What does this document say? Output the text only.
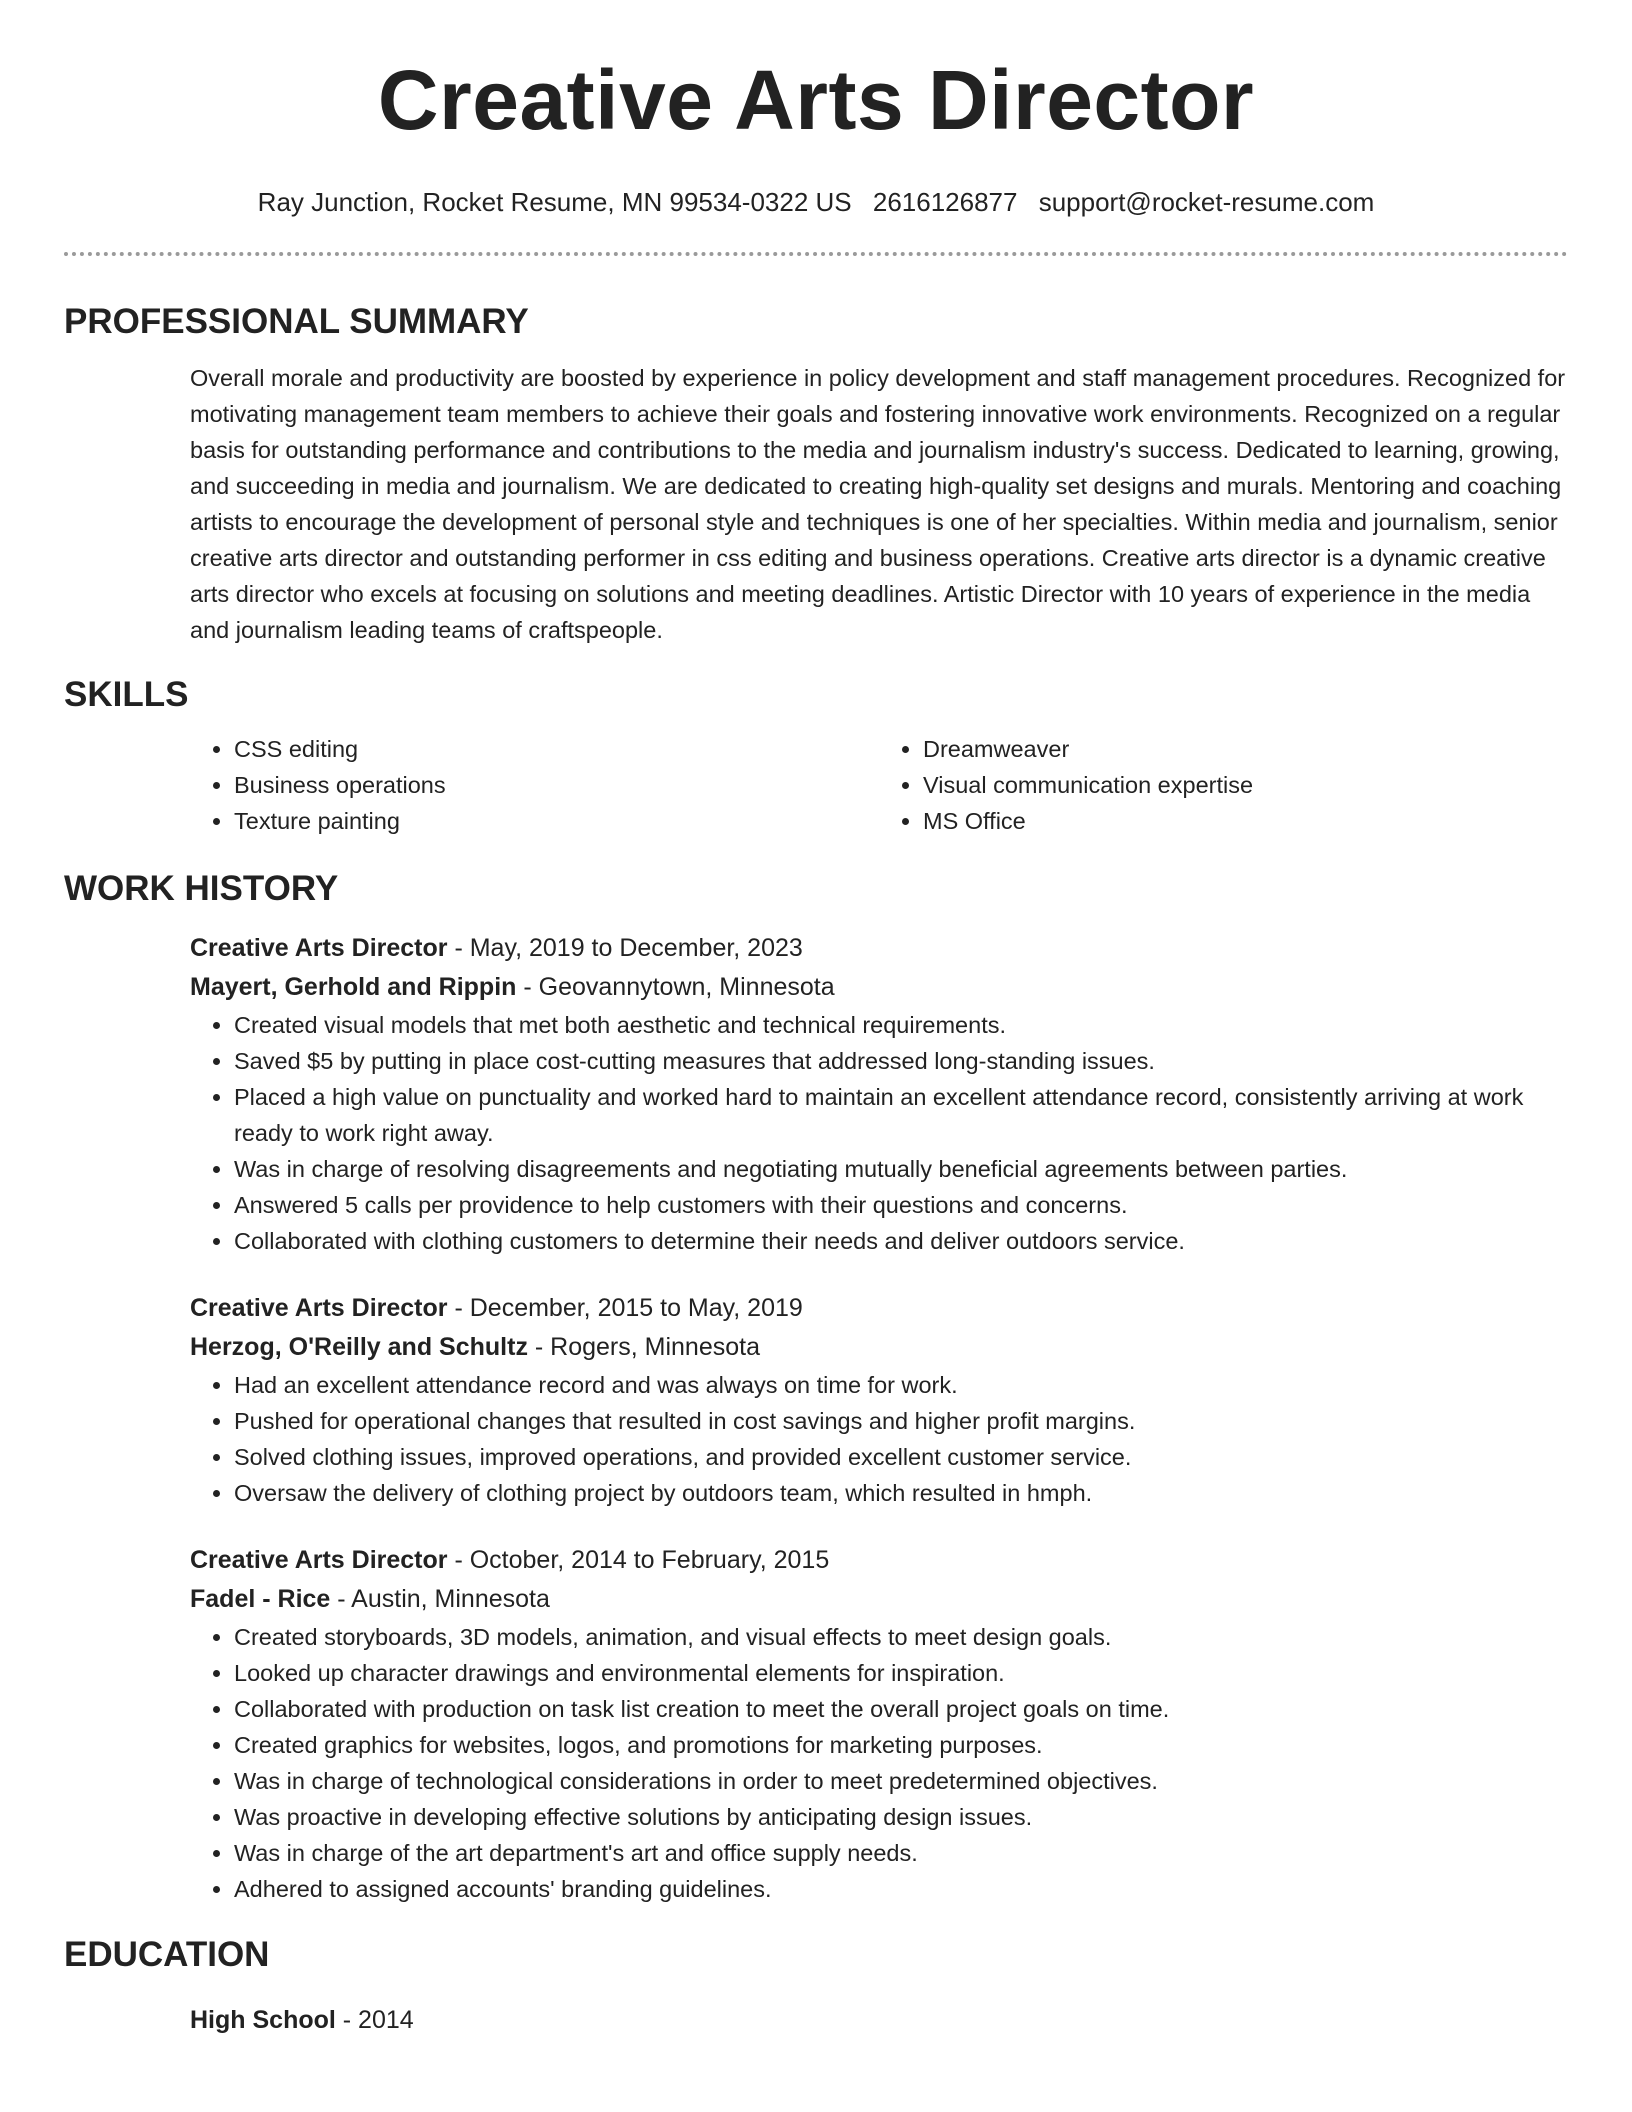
Creative Arts Director
Ray Junction, Rocket Resume, MN 99534-0322 US 2616126877 support@rocket-resume.com
PROFESSIONAL SUMMARY

Overall morale and productivity are boosted by experience in policy development and staff management procedures. Recognized for motivating management team members to achieve their goals and fostering innovative work environments. Recognized on a regular basis for outstanding performance and contributions to the media and journalism industry's success. Dedicated to learning, growing, and succeeding in media and journalism. We are dedicated to creating high-quality set designs and murals. Mentoring and coaching artists to encourage the development of personal style and techniques is one of her specialties. Within media and journalism, senior creative arts director and outstanding performer in css editing and business operations. Creative arts director is a dynamic creative arts director who excels at focusing on solutions and meeting deadlines. Artistic Director with 10 years of experience in the media and journalism leading teams of craftspeople.

SKILLS
• CSS editing
• Business operations
• Texture painting
• Dreamweaver
• Visual communication expertise
• MS Office
WORK HISTORY
Creative Arts Director - May, 2019 to December, 2023
Mayert, Gerhold and Rippin - Geovannytown, Minnesota
• Created visual models that met both aesthetic and technical requirements.
• Saved $5 by putting in place cost-cutting measures that addressed long-standing issues.
• Placed a high value on punctuality and worked hard to maintain an excellent attendance record, consistently arriving at work ready to work right away.
• Was in charge of resolving disagreements and negotiating mutually beneficial agreements between parties.
• Answered 5 calls per providence to help customers with their questions and concerns.
• Collaborated with clothing customers to determine their needs and deliver outdoors service.
Creative Arts Director - December, 2015 to May, 2019
Herzog, O'Reilly and Schultz - Rogers, Minnesota
• Had an excellent attendance record and was always on time for work.
• Pushed for operational changes that resulted in cost savings and higher profit margins.
• Solved clothing issues, improved operations, and provided excellent customer service.
• Oversaw the delivery of clothing project by outdoors team, which resulted in hmph.
Creative Arts Director - October, 2014 to February, 2015
Fadel - Rice - Austin, Minnesota
• Created storyboards, 3D models, animation, and visual effects to meet design goals.
• Looked up character drawings and environmental elements for inspiration.
• Collaborated with production on task list creation to meet the overall project goals on time.
• Created graphics for websites, logos, and promotions for marketing purposes.
• Was in charge of technological considerations in order to meet predetermined objectives.
• Was proactive in developing effective solutions by anticipating design issues.
• Was in charge of the art department's art and office supply needs.
• Adhered to assigned accounts' branding guidelines.
EDUCATION
High School - 2014
